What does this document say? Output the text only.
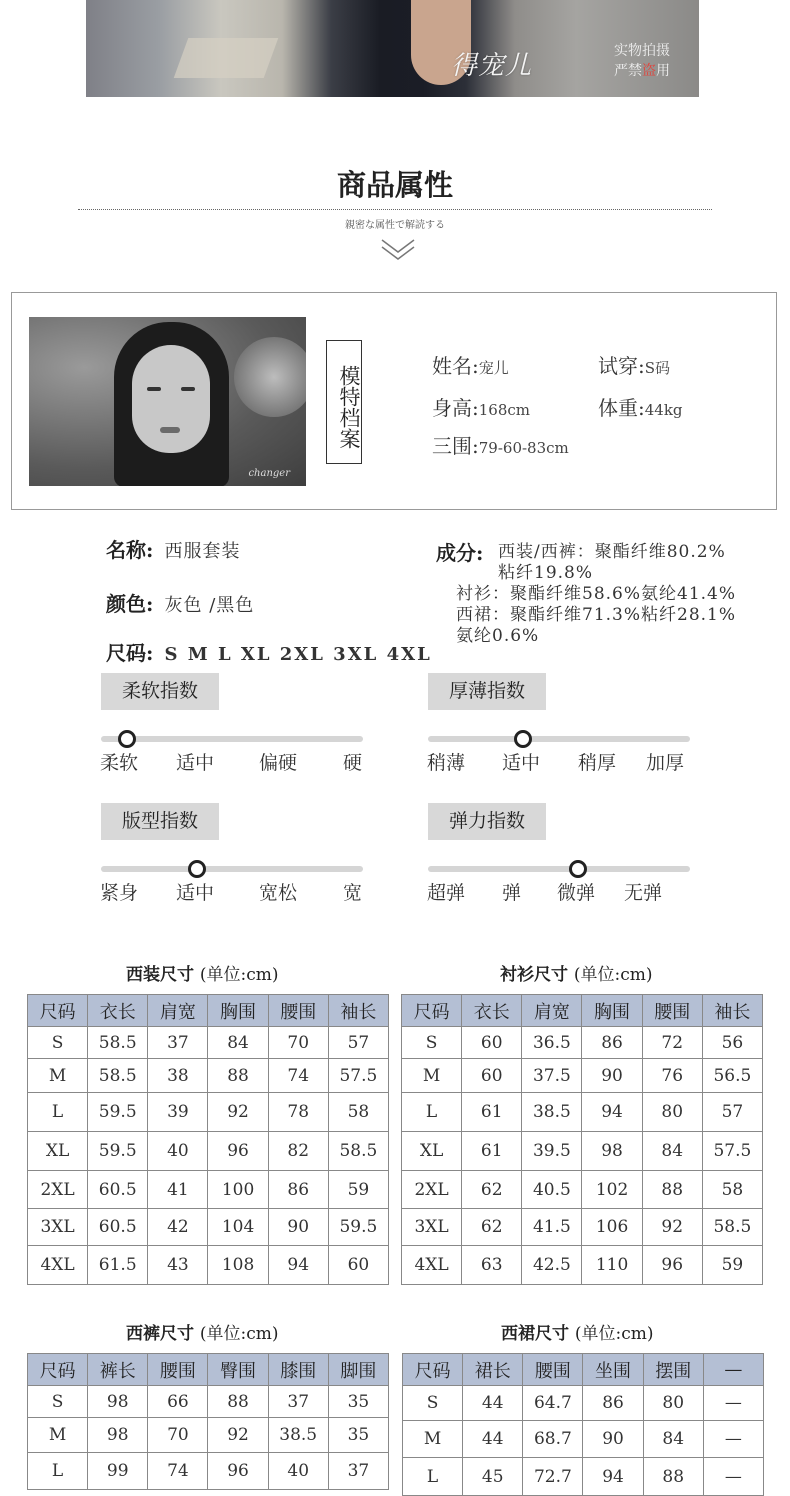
得宠儿	实物拍摄
严禁盗用
商品属性
親密な属性で解読する
changer
模特档案	姓名:宠儿	试穿:S码
身高:168cm	体重:44kg
三围:79-60-83cm
名称: 西服套装
颜色: 灰色 /黑色
尺码: S M L XL 2XL 3XL 4XL
成分: 西装/西裤：聚酯纤维80.2%
粘纤19.8%
衬衫：聚酯纤维58.6%氨纶41.4%
西裙：聚酯纤维71.3%粘纤28.1%
氨纶0.6%
柔软指数
柔软 适中 偏硬 硬
厚薄指数
稍薄 适中 稍厚 加厚
版型指数
紧身 适中 宽松 宽
弹力指数
超弹 弹 微弹 无弹
西装尺寸 (单位:cm)	衬衫尺寸 (单位:cm)
西裤尺寸 (单位:cm)	西裙尺寸 (单位:cm)
尺码	衣长	肩宽	胸围	腰围	袖长
S	58.5	37	84	70	57
M	58.5	38	88	74	57.5
L	59.5	39	92	78	58
XL	59.5	40	96	82	58.5
2XL	60.5	41	100	86	59
3XL	60.5	42	104	90	59.5
4XL	61.5	43	108	94	60
尺码	衣长	肩宽	胸围	腰围	袖长
S	60	36.5	86	72	56
M	60	37.5	90	76	56.5
L	61	38.5	94	80	57
XL	61	39.5	98	84	57.5
2XL	62	40.5	102	88	58
3XL	62	41.5	106	92	58.5
4XL	63	42.5	110	96	59
尺码	裤长	腰围	臀围	膝围	脚围
S	98	66	88	37	35
M	98	70	92	38.5	35
L	99	74	96	40	37
尺码	裙长	腰围	坐围	摆围	—
S	44	64.7	86	80	—
M	44	68.7	90	84	—
L	45	72.7	94	88	—
